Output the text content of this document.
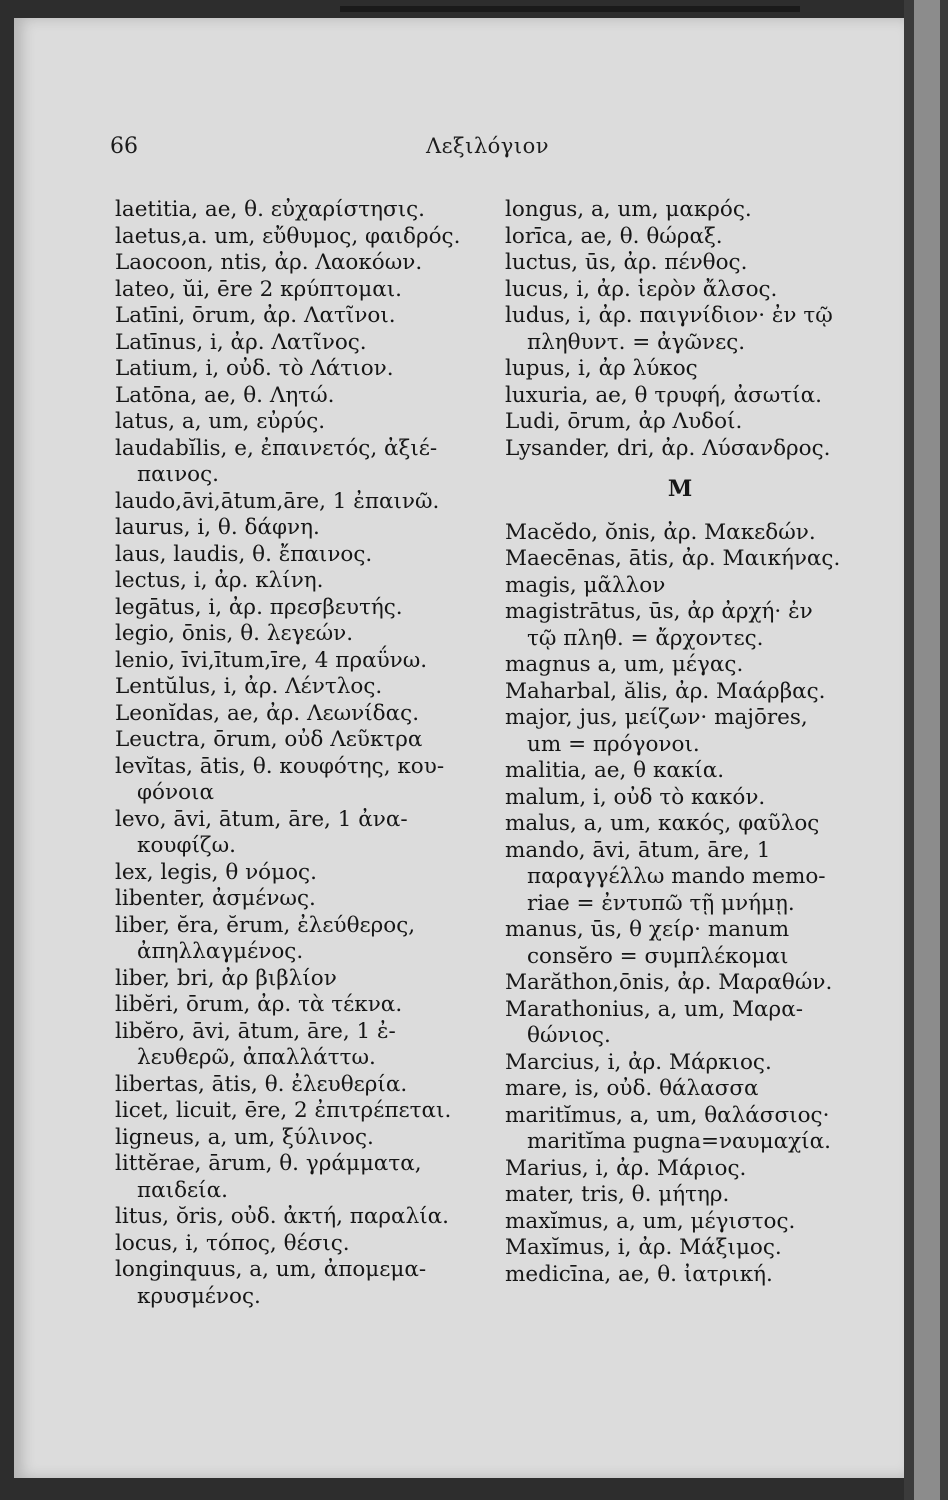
66	Λεξιλόγιον
laetitia, ae, θ. εὐχαρίστησις.
laetus,a. um, εὔθυμος, φαιδρός.
Laocoon, ntis, ἀρ. Λαοκόων.
lateo, ŭi, ēre 2 κρύπτομαι.
Latīni, ōrum, ἀρ. Λατῖνοι.
Latīnus, i, ἀρ. Λατῖνος.
Latium, i, οὐδ. τὸ Λάτιον.
Latōna, ae, θ. Λητώ.
latus, a, um, εὐρύς.
laudabĭlis, e, ἐπαινετός, ἀξιέ-
παινος.
laudo,āvi,ātum,āre, 1 ἐπαινῶ.
laurus, i, θ. δάφνη.
laus, laudis, θ. ἔπαινος.
lectus, i, ἀρ. κλίνη.
legātus, i, ἀρ. πρεσβευτής.
legio, ōnis, θ. λεγεών.
lenio, īvi,ītum,īre, 4 πραΰνω.
Lentŭlus, i, ἀρ. Λέντλος.
Leonĭdas, ae, ἀρ. Λεωνίδας.
Leuctra, ōrum, οὐδ Λεῦκτρα
levĭtas, ātis, θ. κουφότης, κου-
φόνοια
levo, āvi, ātum, āre, 1 ἀνα-
κουφίζω.
lex, legis, θ νόμος.
libenter, ἀσμένως.
liber, ĕra, ĕrum, ἐλεύθερος,
ἀπηλλαγμένος.
liber, bri, ἀρ βιβλίον
libĕri, ōrum, ἀρ. τὰ τέκνα.
libĕro, āvi, ātum, āre, 1 ἐ-
λευθερῶ, ἀπαλλάττω.
libertas, ātis, θ. ἐλευθερία.
licet, licuit, ēre, 2 ἐπιτρέπεται.
ligneus, a, um, ξύλινος.
littĕrae, ārum, θ. γράμματα,
παιδεία.
litus, ŏris, οὐδ. ἀκτή, παραλία.
locus, i, τόπος, θέσις.
longinquus, a, um, ἀπομεμα-
κρυσμένος.
longus, a, um, μακρός.
lorīca, ae, θ. θώραξ.
luctus, ūs, ἀρ. πένθος.
lucus, i, ἀρ. ἱερὸν ἄλσος.
ludus, i, ἀρ. παιγνίδιον· ἐν τῷ
πληθυντ. = ἀγῶνες.
lupus, i, ἀρ λύκος
luxuria, ae, θ τρυφή, ἀσωτία.
Ludi, ōrum, ἀρ Λυδοί.
Lysander, dri, ἀρ. Λύσανδρος.
M
Macĕdo, ŏnis, ἀρ. Μακεδών.
Maecēnas, ātis, ἀρ. Μαικήνας.
magis, μᾶλλον
magistrātus, ūs, ἀρ ἀρχή· ἐν
τῷ πληθ. = ἄρχοντες.
magnus a, um, μέγας.
Maharbal, ălis, ἀρ. Μαάρβας.
major, jus, μείζων· majōres,
um = πρόγονοι.
malitia, ae, θ κακία.
malum, i, οὐδ τὸ κακόν.
malus, a, um, κακός, φαῦλος
mando, āvi, ātum, āre, 1
παραγγέλλω mando memo-
riae = ἐντυπῶ τῇ μνήμῃ.
manus, ūs, θ χείρ· manum
consĕro = συμπλέκομαι
Marăthon,ōnis, ἀρ. Μαραθών.
Marathonius, a, um, Μαρα-
θώνιος.
Marcius, i, ἀρ. Μάρκιος.
mare, is, οὐδ. θάλασσα
maritĭmus, a, um, θαλάσσιος·
maritĭma pugna=ναυμαχία.
Marius, i, ἀρ. Μάριος.
mater, tris, θ. μήτηρ.
maxĭmus, a, um, μέγιστος.
Maxĭmus, i, ἀρ. Μάξιμος.
medicīna, ae, θ. ἰατρική.
